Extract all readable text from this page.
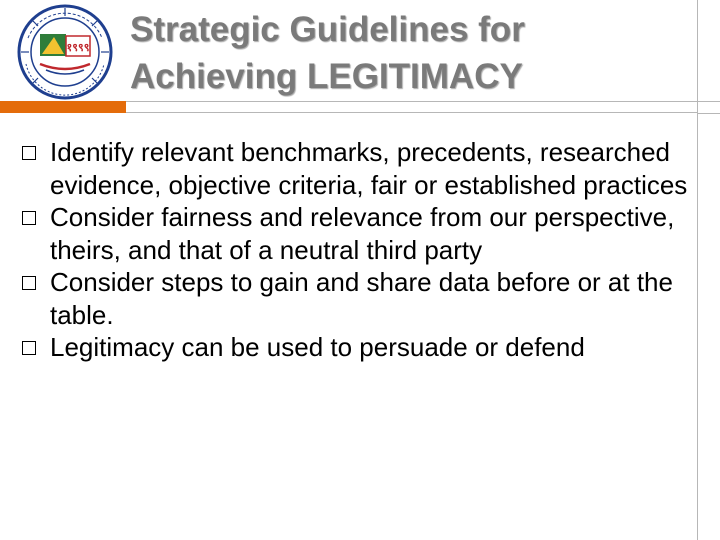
१९९९ Strategic Guidelines for
Achieving LEGITIMACY
Identify relevant benchmarks, precedents, researched evidence, objective criteria, fair or established practices
Consider fairness and relevance from our perspective, theirs, and that of a neutral third party
Consider steps to gain and share data before or at the table.
Legitimacy can be used to persuade or defend
